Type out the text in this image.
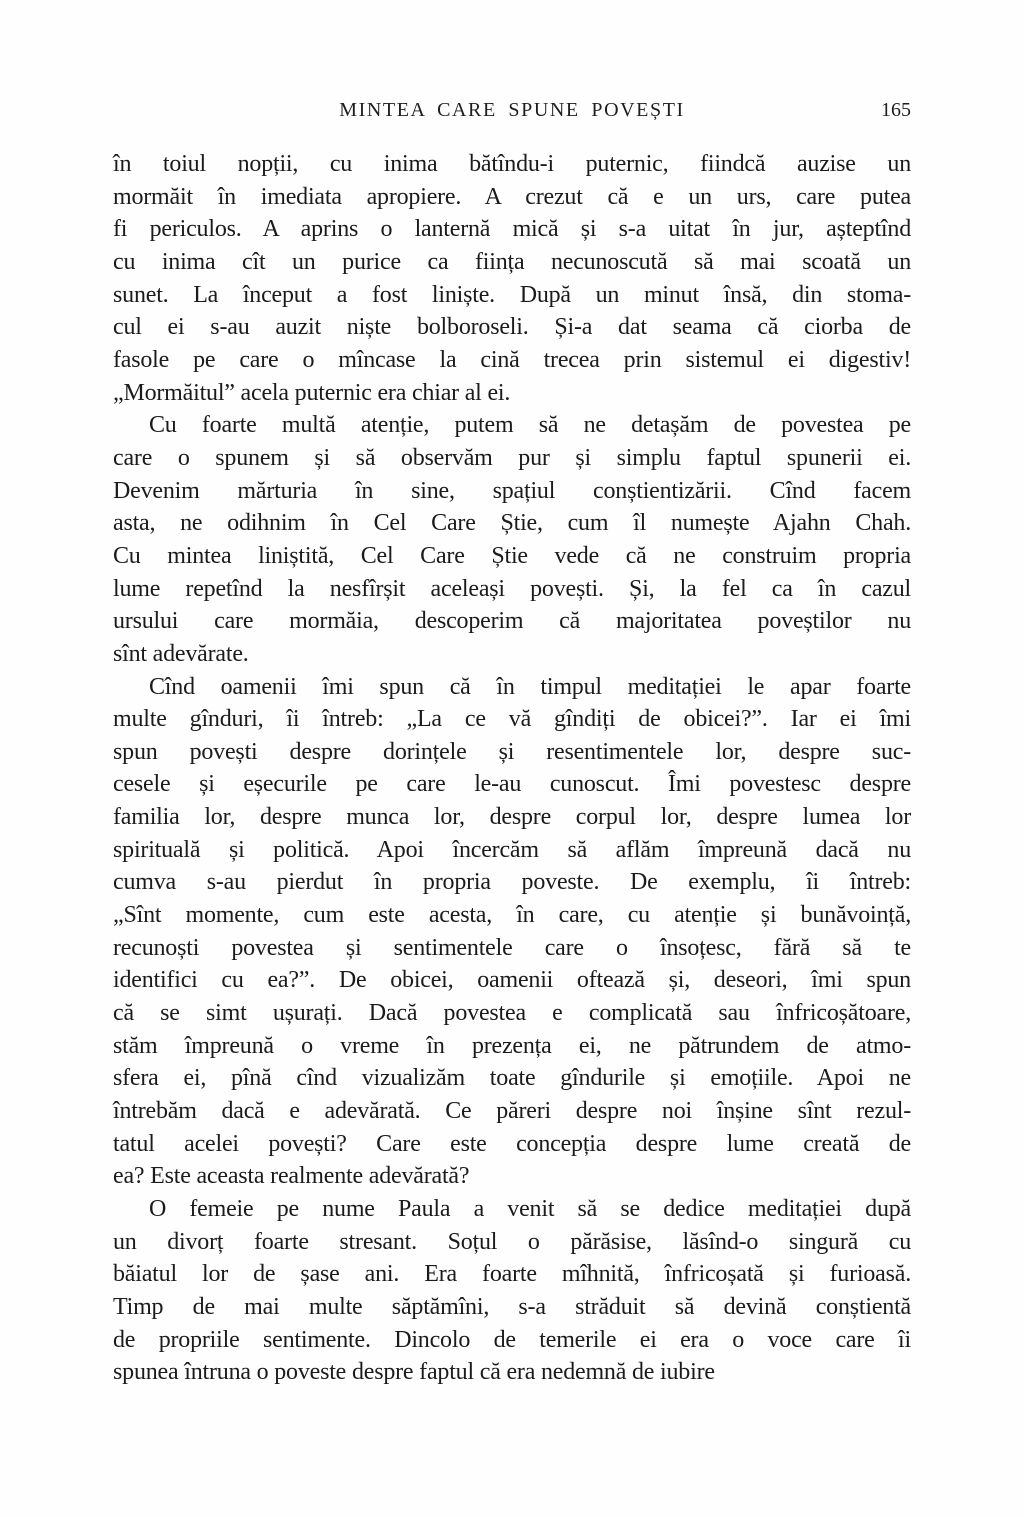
MINTEA CARE SPUNE POVEȘTI	165
în toiul nopții, cu inima bătîndu-i puternic, fiindcă auzise un
mormăit în imediata apropiere. A crezut că e un urs, care putea
fi periculos. A aprins o lanternă mică și s-a uitat în jur, așteptînd
cu inima cît un purice ca ființa necunoscută să mai scoată un
sunet. La început a fost liniște. După un minut însă, din stoma-
cul ei s-au auzit niște bolboroseli. Și-a dat seama că ciorba de
fasole pe care o mîncase la cină trecea prin sistemul ei digestiv!
„Mormăitul” acela puternic era chiar al ei.
Cu foarte multă atenție, putem să ne detașăm de povestea pe
care o spunem și să observăm pur și simplu faptul spunerii ei.
Devenim mărturia în sine, spațiul conștientizării. Cînd facem
asta, ne odihnim în Cel Care Știe, cum îl numește Ajahn Chah.
Cu mintea liniștită, Cel Care Știe vede că ne construim propria
lume repetînd la nesfîrșit aceleași povești. Și, la fel ca în cazul
ursului care mormăia, descoperim că majoritatea poveștilor nu
sînt adevărate.
Cînd oamenii îmi spun că în timpul meditației le apar foarte
multe gînduri, îi întreb: „La ce vă gîndiți de obicei?”. Iar ei îmi
spun povești despre dorințele și resentimentele lor, despre suc-
cesele și eșecurile pe care le-au cunoscut. Îmi povestesc despre
familia lor, despre munca lor, despre corpul lor, despre lumea lor
spirituală și politică. Apoi încercăm să aflăm împreună dacă nu
cumva s-au pierdut în propria poveste. De exemplu, îi întreb:
„Sînt momente, cum este acesta, în care, cu atenție și bunăvoință,
recunoști povestea și sentimentele care o însoțesc, fără să te
identifici cu ea?”. De obicei, oamenii oftează și, deseori, îmi spun
că se simt ușurați. Dacă povestea e complicată sau înfricoșătoare,
stăm împreună o vreme în prezența ei, ne pătrundem de atmo-
sfera ei, pînă cînd vizualizăm toate gîndurile și emoțiile. Apoi ne
întrebăm dacă e adevărată. Ce păreri despre noi înșine sînt rezul-
tatul acelei povești? Care este concepția despre lume creată de
ea? Este aceasta realmente adevărată?
O femeie pe nume Paula a venit să se dedice meditației după
un divorț foarte stresant. Soțul o părăsise, lăsînd-o singură cu
băiatul lor de șase ani. Era foarte mîhnită, înfricoșată și furioasă.
Timp de mai multe săptămîni, s-a străduit să devină conștientă
de propriile sentimente. Dincolo de temerile ei era o voce care îi
spunea întruna o poveste despre faptul că era nedemnă de iubire
